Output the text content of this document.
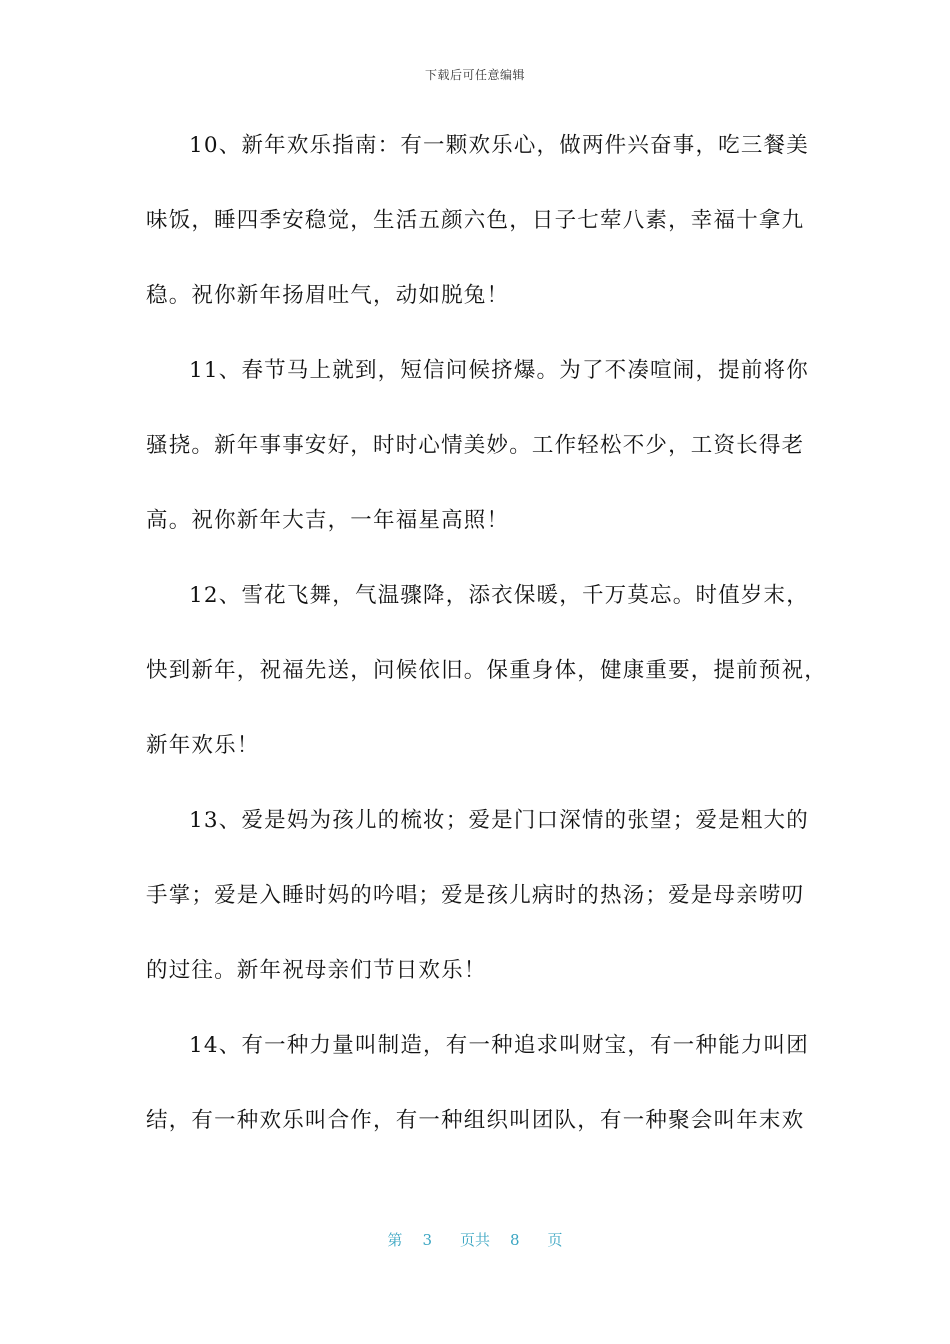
下载后可任意编辑
10、新年欢乐指南：有一颗欢乐心，做两件兴奋事，吃三餐美
味饭，睡四季安稳觉，生活五颜六色，日子七荤八素，幸福十拿九
稳。祝你新年扬眉吐气，动如脱兔！
11、春节马上就到，短信问候挤爆。为了不凑喧闹，提前将你
骚挠。新年事事安好，时时心情美妙。工作轻松不少，工资长得老
高。祝你新年大吉，一年福星高照！
12、雪花飞舞，气温骤降，添衣保暖，千万莫忘。时值岁末，
快到新年，祝福先送，问候依旧。保重身体，健康重要，提前预祝，
新年欢乐！
13、爱是妈为孩儿的梳妆；爱是门口深情的张望；爱是粗大的
手掌；爱是入睡时妈的吟唱；爱是孩儿病时的热汤；爱是母亲唠叨
的过往。新年祝母亲们节日欢乐！
14、有一种力量叫制造，有一种追求叫财宝，有一种能力叫团
结，有一种欢乐叫合作，有一种组织叫团队，有一种聚会叫年末欢
第 3 页共 8 页
